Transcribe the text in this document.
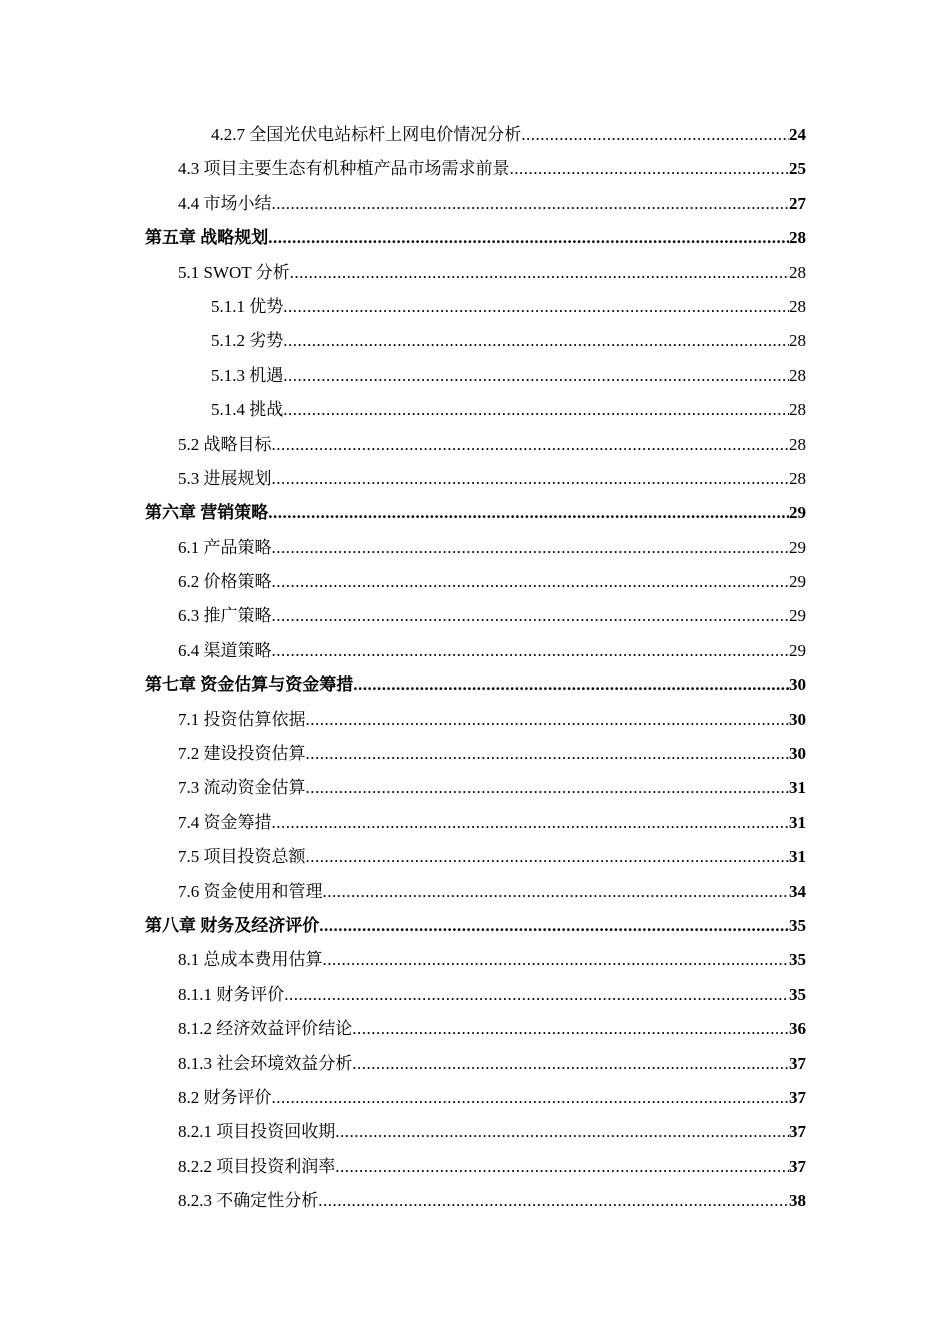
4.2.7 全国光伏电站标杆上网电价情况分析 .....	24
4.3 项目主要生态有机种植产品市场需求前景 .....	25
4.4 市场小结 .....	27
第五章 战略规划 .....	28
5.1 SWOT 分析 .....	28
5.1.1 优势 .....	28
5.1.2 劣势 .....	28
5.1.3 机遇 .....	28
5.1.4 挑战 .....	28
5.2 战略目标 .....	28
5.3 进展规划 .....	28
第六章 营销策略 .....	29
6.1 产品策略 .....	29
6.2 价格策略 .....	29
6.3 推广策略 .....	29
6.4 渠道策略 .....	29
第七章 资金估算与资金筹措 .....	30
7.1 投资估算依据 .....	30
7.2 建设投资估算 .....	30
7.3 流动资金估算 .....	31
7.4 资金筹措 .....	31
7.5 项目投资总额 .....	31
7.6 资金使用和管理 .....	34
第八章 财务及经济评价 .....	35
8.1 总成本费用估算 .....	35
8.1.1 财务评价 .....	35
8.1.2 经济效益评价结论 .....	36
8.1.3 社会环境效益分析 .....	37
8.2 财务评价 .....	37
8.2.1 项目投资回收期 .....	37
8.2.2 项目投资利润率 .....	37
8.2.3 不确定性分析 .....	38
